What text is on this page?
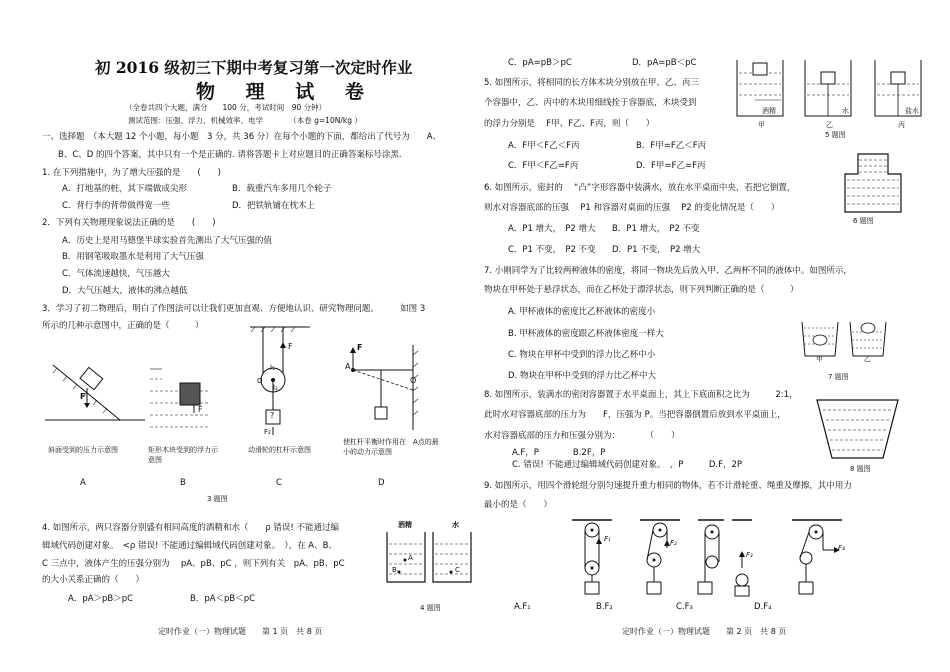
初 2016 级初三下期中考复习第一次定时作业
物 理 试 卷
（全卷共四个大题，满分　　100 分，考试时间　90 分钟）
测试范围：压强、浮力、机械效率、电学　　　　（本卷 g=10N/kg ）
一、选择题　（本大题 12 个小题，每小题　3 分，共 36 分）在每个小题的下面，都给出了代号为　　A、
B、C、D 的四个答案，其中只有一个是正确的. 请将答题卡上对应题目的正确答案标号涂黑.
1. 在下列措施中，为了增大压强的是　　(　　)
A．打地基的桩，其下端做成尖形	B．载重汽车多用几个轮子
C．背行李的背带做得宽一些	D．把铁轨铺在枕木上
2．下列有关物理现象说法正确的是　　(　　)
A．历史上是用马德堡半球实验首先测出了大气压强的值
B．用钢笔吸取墨水是利用了大气压强
C．气体流速越快，气压越大
D．大气压越大，液体的沸点越低
3．学习了初二物理后，明白了作图法可以让我们更加直观、方便地认识、研究物理问题。　　　如图 3
所示的几种示意图中，正确的是（　　　）
F
F
F
l₁
O
l₂
?
F₂
F
A
O
斜面受到的压力示意图	矩形木块受到的浮力示意图
动滑轮的杠杆示意图
使杠杆平衡时作用在　A点的最小的动力示意图
A	B	C	D
3 题图
4. 如图所示，两只容器分别盛有相同高度的酒精和水（　　ρ 错误! 不能通过编
辑域代码创建对象。　<ρ 错误! 不能通过编辑域代码创建对象。　），在 A、B、
C 三点中，液体产生的压强分别为　 pA、pB、pC ，则下列有关　pA、pB、pC
的大小关系正确的（　　）
A．pA＞pB＞pC	B．pA＜pB＜pC
酒精	水
A
B	C
4 题图
定时作业（一）物理试题　　第 1 页　共 8 页
C．pA=pB＞pC	D．pA=pB＜pC
5. 如图所示，将相同的长方体木块分别放在甲、乙、丙三
个容器中，乙、丙中的木块用细线拴于容器底，木块受到
的浮力分别是　 F甲、F乙、F丙，则（　　）
A．F甲＜F乙＜F丙	B．F甲=F乙＜F丙
C．F甲＜F乙=F丙	D．F甲=F乙=F丙
酒精	水	盐水
甲	乙	丙
5 题图
6. 如图所示，密封的　 “凸”字形容器中装满水，放在水平桌面中央，若把它倒置，
则水对容器底部的压强　 P1 和容器对桌面的压强　 P2 的变化情况是（　　）
A．P1 增大，　P2 增大 B．P1 增大，　P2 不变
C．P1 不变，　P2 不变 D．P1 不变，　P2 增大
6 题图
7. 小刚同学为了比较两种液体的密度，将同一物块先后放入甲、乙两杯不同的液体中。如图所示，
物块在甲杯处于悬浮状态，而在乙杯处于漂浮状态，则下列判断正确的是（　　　）
A. 甲杯液体的密度比乙杯液体的密度小
B. 甲杯液体的密度跟乙杯液体密度一样大
C. 物块在甲杯中受到的浮力比乙杯中小
D. 物块在甲杯中受到的浮力比乙杯中大
甲	乙
7 题图
8. 如图所示，装满水的密闭容器置于水平桌面上，其上下底面积之比为　　　2:1，
此时水对容器底部的压力为　　F，压强为 P。当把容器倒置后放到水平桌面上，
水对容器底部的压力和压强分别为：　　　　（　　）
A.F，P　　　　B.2F，P
C. 错误! 不能通过编辑域代码创建对象。　，P　　　D.F，2P	8 题图
9. 如图所示，用四个滑轮组分别匀速提升重力相同的物体，若不计滑轮重、绳重及摩擦，其中用力
最小的是（　　）
F₁	F₂
F₃
F₄
A.F₁	B.F₂	C.F₃	D.F₄
定时作业（一）物理试题　　第 2 页　共 8 页
